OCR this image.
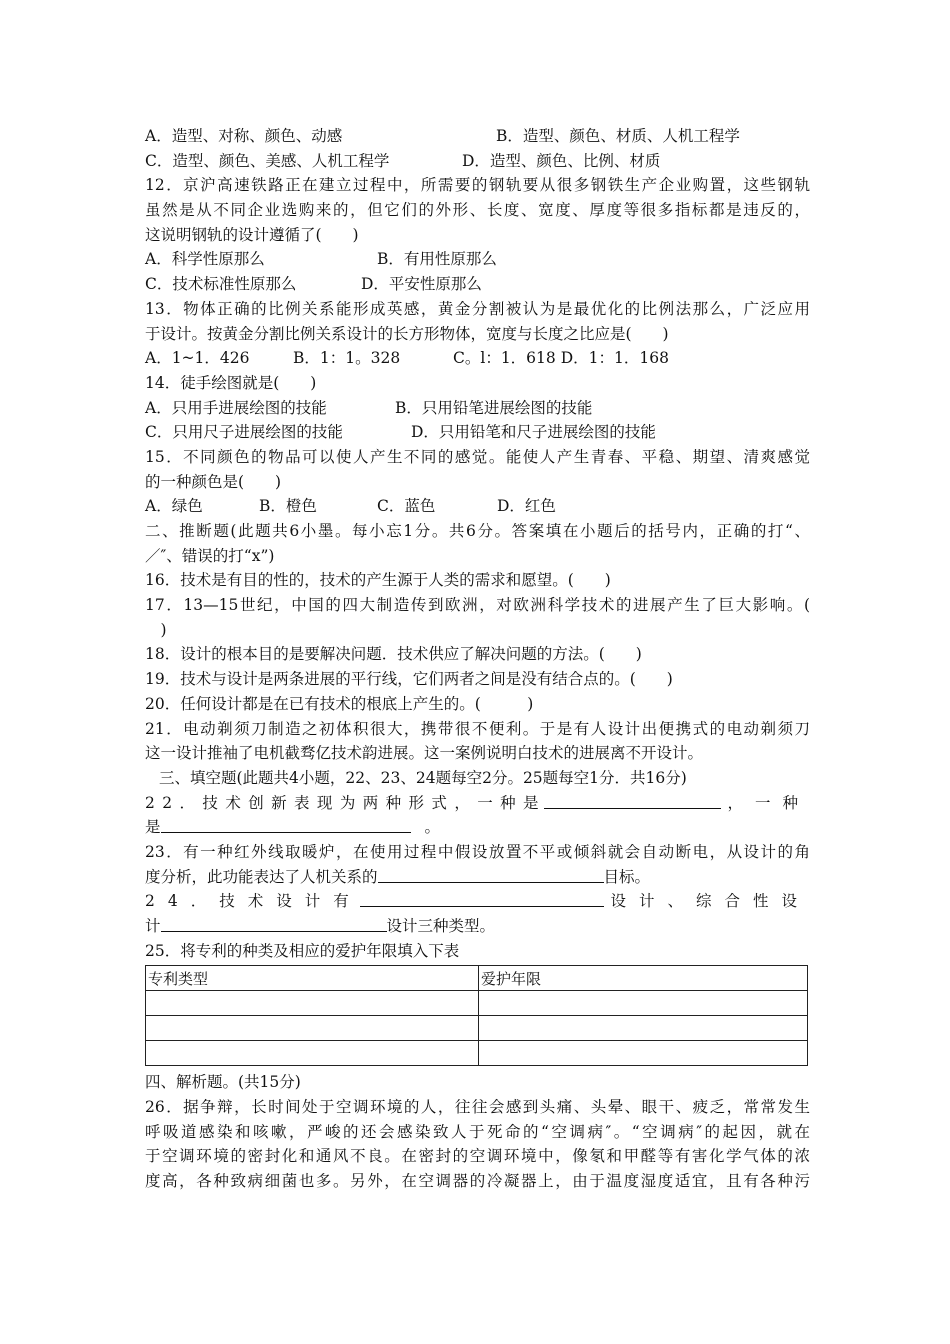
A．造型、对称、颜色、动感	B．造型、颜色、材质、人机工程学
C．造型、颜色、美感、人机工程学	D．造型、颜色、比例、材质
12．京沪高速铁路正在建立过程中，所需要的钢轨要从很多钢铁生产企业购置，这些钢轨
虽然是从不同企业选购来的，但它们的外形、长度、宽度、厚度等很多指标都是违反的，
这说明钢轨的设计遵循了(　　)
A．科学性原那么	B．有用性原那么
C．技术标准性原那么	D．平安性原那么
13．物体正确的比例关系能形成英感，黄金分割被认为是最优化的比例法那么，广泛应用
于设计。按黄金分割比例关系设计的长方形物体，宽度与长度之比应是(　　)
A．1~1．426	B．1：1。328	C。l：1．618 D．1：1．168
14．徒手绘图就是(　　)
A．只用手进展绘图的技能	B．只用铅笔进展绘图的技能
C．只用尺子进展绘图的技能	D．只用铅笔和尺子进展绘图的技能
15．不同颜色的物品可以使人产生不同的感觉。能使人产生青春、平稳、期望、清爽感觉
的一种颜色是(　　)
A．绿色	B．橙色	C．蓝色	D．红色
二、推断题(此题共6小墨。每小忘1分。共6分。答案填在小题后的括号内，正确的打“、
／″、错误的打“x”)
16．技术是有目的性的，技术的产生源于人类的需求和愿望。(　　)
17．13—15世纪，中国的四大制造传到欧洲，对欧洲科学技术的进展产生了巨大影响。(
　)
18．设计的根本目的是要解决问题．技术供应了解决问题的方法。(　　)
19．技术与设计是两条进展的平行线，它们两者之间是没有结合点的。(　　)
20．任何设计都是在已有技术的根底上产生的。(　　　)
21．电动剃须刀制造之初体积很大，携带很不便利。于是有人设计出便携式的电动剃须刀
这一设计推袖了电机截骛亿技术韵进展。这一案例说明白技术的进展离不开设计。
三、填空题(此题共4小题，22、23、24题每空2分。25题每空1分．共16分)
22．技术创新表现为两种形式，一种是	，一种
是	。
23．有一种红外线取暖炉，在使用过程中假设放置不平或倾斜就会自动断电，从设计的角
度分析，此功能表达了人机关系的	目标。
24．技术设计有	设计、综合性设
计	设计三种类型。
25．将专利的种类及相应的爱护年限填入下表
专利类型	爱护年限

四、解析题。(共15分)
26．据争辩，长时间处于空调环境的人，往往会感到头痛、头晕、眼干、疲乏，常常发生
呼吸道感染和咳嗽，严峻的还会感染致人于死命的“空调病″。“空调病″的起因，就在
于空调环境的密封化和通风不良。在密封的空调环境中，像氡和甲醛等有害化学气体的浓
度高，各种致病细菌也多。另外，在空调器的冷凝器上，由于温度湿度适宜，且有各种污
